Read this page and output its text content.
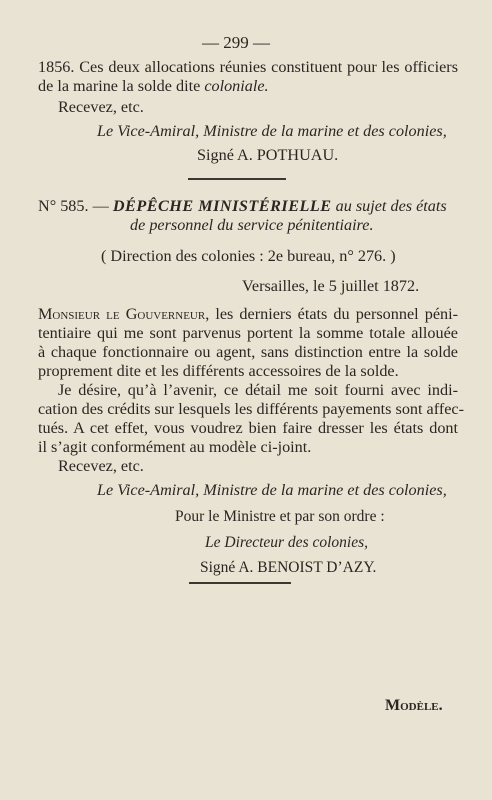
— 299 —
1856. Ces deux allocations réunies constituent pour les officiers
de la marine la solde dite coloniale.
Recevez, etc.
Le Vice-Amiral, Ministre de la marine et des colonies,
Signé A. POTHUAU.
N° 585. — DÉPÊCHE MINISTÉRIELLE au sujet des états
de personnel du service pénitentiaire.
( Direction des colonies : 2e bureau, n° 276. )
Versailles, le 5 juillet 1872.
Monsieur le Gouverneur, les derniers états du personnel péni-
tentiaire qui me sont parvenus portent la somme totale allouée
à chaque fonctionnaire ou agent, sans distinction entre la solde
proprement dite et les différents accessoires de la solde.
Je désire, qu’à l’avenir, ce détail me soit fourni avec indi-
cation des crédits sur lesquels les différents payements sont affec-
tués. A cet effet, vous voudrez bien faire dresser les états dont
il s’agit conformément au modèle ci-joint.
Recevez, etc.
Le Vice-Amiral, Ministre de la marine et des colonies,
Pour le Ministre et par son ordre :
Le Directeur des colonies,
Signé A. BENOIST D’AZY.
Modèle.
